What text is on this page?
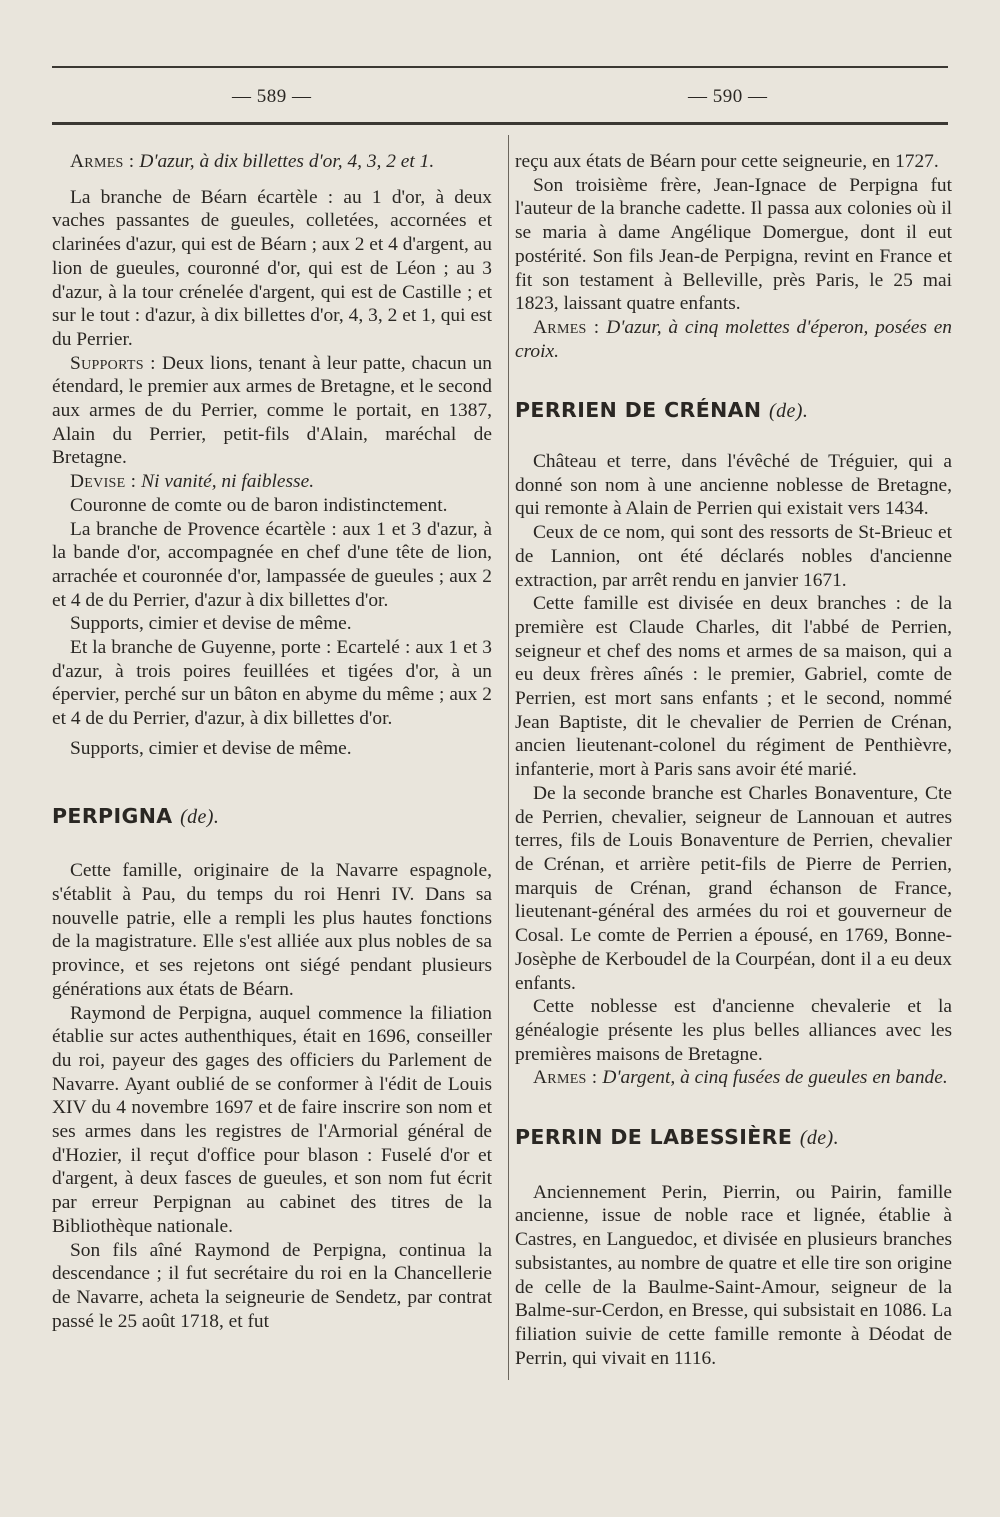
— 589 —	— 590 —

Armes : D'azur, à dix billettes d'or, 4, 3, 2 et 1.

La branche de Béarn écartèle : au 1 d'or, à deux vaches passantes de gueules, colletées, accornées et clarinées d'azur, qui est de Béarn ; aux 2 et 4 d'argent, au lion de gueules, couronné d'or, qui est de Léon ; au 3 d'azur, à la tour crénelée d'argent, qui est de Castille ; et sur le tout : d'azur, à dix billettes d'or, 4, 3, 2 et 1, qui est du Perrier.

Supports : Deux lions, tenant à leur patte, chacun un étendard, le premier aux armes de Bretagne, et le second aux armes de du Perrier, comme le portait, en 1387, Alain du Perrier, petit-fils d'Alain, maréchal de Bretagne.

Devise : Ni vanité, ni faiblesse.

Couronne de comte ou de baron indistinctement.

La branche de Provence écartèle : aux 1 et 3 d'azur, à la bande d'or, accompagnée en chef d'une tête de lion, arrachée et couronnée d'or, lampassée de gueules ; aux 2 et 4 de du Perrier, d'azur à dix billettes d'or.

Supports, cimier et devise de même.

Et la branche de Guyenne, porte : Ecartelé : aux 1 et 3 d'azur, à trois poires feuillées et tigées d'or, à un épervier, perché sur un bâton en abyme du même ; aux 2 et 4 de du Perrier, d'azur, à dix billettes d'or.

Supports, cimier et devise de même.

PERPIGNA (de).

Cette famille, originaire de la Navarre espagnole, s'établit à Pau, du temps du roi Henri IV. Dans sa nouvelle patrie, elle a rempli les plus hautes fonctions de la magistrature. Elle s'est alliée aux plus nobles de sa province, et ses rejetons ont siégé pendant plusieurs générations aux états de Béarn.

Raymond de Perpigna, auquel commence la filiation établie sur actes authenthiques, était en 1696, conseiller du roi, payeur des gages des officiers du Parlement de Navarre. Ayant oublié de se conformer à l'édit de Louis XIV du 4 novembre 1697 et de faire inscrire son nom et ses armes dans les registres de l'Armorial général de d'Hozier, il reçut d'office pour blason : Fuselé d'or et d'argent, à deux fasces de gueules, et son nom fut écrit par erreur Perpignan au cabinet des titres de la Bibliothèque nationale.

Son fils aîné Raymond de Perpigna, continua la descendance ; il fut secrétaire du roi en la Chancellerie de Navarre, acheta la seigneurie de Sendetz, par contrat passé le 25 août 1718, et fut

reçu aux états de Béarn pour cette seigneurie, en 1727.

Son troisième frère, Jean-Ignace de Perpigna fut l'auteur de la branche cadette. Il passa aux colonies où il se maria à dame Angélique Domergue, dont il eut postérité. Son fils Jean-de Perpigna, revint en France et fit son testament à Belleville, près Paris, le 25 mai 1823, laissant quatre enfants.

Armes : D'azur, à cinq molettes d'éperon, posées en croix.

PERRIEN DE CRÉNAN (de).

Château et terre, dans l'évêché de Tréguier, qui a donné son nom à une ancienne noblesse de Bretagne, qui remonte à Alain de Perrien qui existait vers 1434.

Ceux de ce nom, qui sont des ressorts de St-Brieuc et de Lannion, ont été déclarés nobles d'ancienne extraction, par arrêt rendu en janvier 1671.

Cette famille est divisée en deux branches : de la première est Claude Charles, dit l'abbé de Perrien, seigneur et chef des noms et armes de sa maison, qui a eu deux frères aînés : le premier, Gabriel, comte de Perrien, est mort sans enfants ; et le second, nommé Jean Baptiste, dit le chevalier de Perrien de Crénan, ancien lieutenant-colonel du régiment de Penthièvre, infanterie, mort à Paris sans avoir été marié.

De la seconde branche est Charles Bonaventure, Cte de Perrien, chevalier, seigneur de Lannouan et autres terres, fils de Louis Bonaventure de Perrien, chevalier de Crénan, et arrière petit-fils de Pierre de Perrien, marquis de Crénan, grand échanson de France, lieutenant-général des armées du roi et gouverneur de Cosal. Le comte de Perrien a épousé, en 1769, Bonne-Josèphe de Kerboudel de la Courpéan, dont il a eu deux enfants.

Cette noblesse est d'ancienne chevalerie et la généalogie présente les plus belles alliances avec les premières maisons de Bretagne.

Armes : D'argent, à cinq fusées de gueules en bande.

PERRIN DE LABESSIÈRE (de).

Anciennement Perin, Pierrin, ou Pairin, famille ancienne, issue de noble race et lignée, établie à Castres, en Languedoc, et divisée en plusieurs branches subsistantes, au nombre de quatre et elle tire son origine de celle de la Baulme-Saint-Amour, seigneur de la Balme-sur-Cerdon, en Bresse, qui subsistait en 1086. La filiation suivie de cette famille remonte à Déodat de Perrin, qui vivait en 1116.
